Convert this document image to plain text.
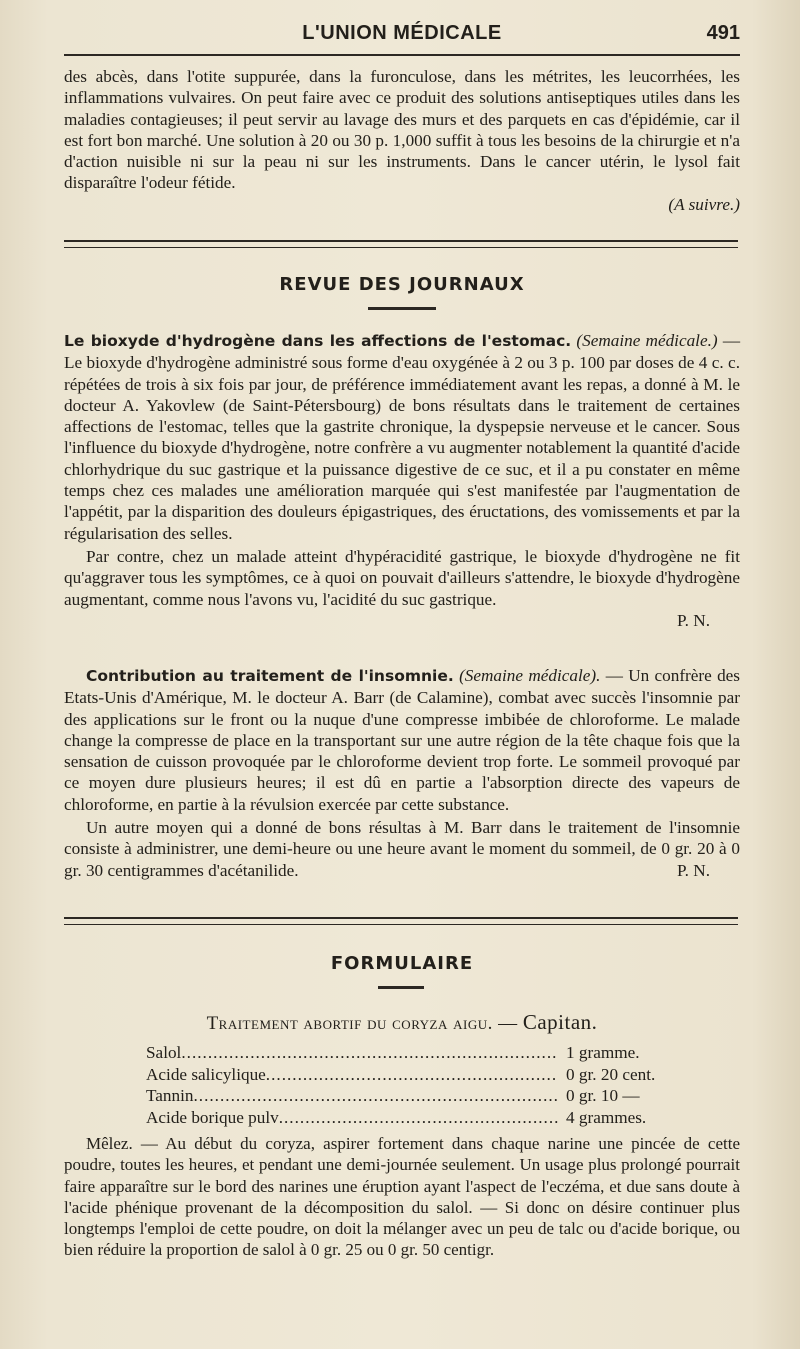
L'UNION MÉDICALE	491

des abcès, dans l'otite suppurée, dans la furonculose, dans les métrites, les leucorrhées, les inflammations vulvaires. On peut faire avec ce produit des solutions antiseptiques utiles dans les maladies contagieuses; il peut servir au lavage des murs et des parquets en cas d'épidémie, car il est fort bon marché. Une solution à 20 ou 30 p. 1,000 suffit à tous les besoins de la chirurgie et n'a d'action nuisible ni sur la peau ni sur les instruments. Dans le cancer utérin, le lysol fait disparaître l'odeur fétide.

(A suivre.)

REVUE DES JOURNAUX

Le bioxyde d'hydrogène dans les affections de l'estomac. (Semaine médicale.) — Le bioxyde d'hydrogène administré sous forme d'eau oxygénée à 2 ou 3 p. 100 par doses de 4 c. c. répétées de trois à six fois par jour, de préférence immédiatement avant les repas, a donné à M. le docteur A. Yakovlew (de Saint-Pétersbourg) de bons résultats dans le traitement de certaines affections de l'estomac, telles que la gastrite chronique, la dyspepsie nerveuse et le cancer. Sous l'influence du bioxyde d'hydrogène, notre confrère a vu augmenter notablement la quantité d'acide chlorhydrique du suc gastrique et la puissance digestive de ce suc, et il a pu constater en même temps chez ces malades une amélioration marquée qui s'est manifestée par l'augmentation de l'appétit, par la disparition des douleurs épigastriques, des éructations, des vomissements et par la régularisation des selles.

Par contre, chez un malade atteint d'hypéracidité gastrique, le bioxyde d'hydrogène ne fit qu'aggraver tous les symptômes, ce à quoi on pouvait d'ailleurs s'attendre, le bioxyde d'hydrogène augmentant, comme nous l'avons vu, l'acidité du suc gastrique.

P. N.

Contribution au traitement de l'insomnie. (Semaine médicale). — Un confrère des Etats-Unis d'Amérique, M. le docteur A. Barr (de Calamine), combat avec succès l'insomnie par des applications sur le front ou la nuque d'une compresse imbibée de chloroforme. Le malade change la compresse de place en la transportant sur une autre région de la tête chaque fois que la sensation de cuisson provoquée par le chloroforme devient trop forte. Le sommeil provoqué par ce moyen dure plusieurs heures; il est dû en partie a l'absorption directe des vapeurs de chloroforme, en partie à la révulsion exercée par cette substance.

Un autre moyen qui a donné de bons résultas à M. Barr dans le traitement de l'insomnie consiste à administrer, une demi-heure ou une heure avant le moment du sommeil, de 0 gr. 20 à 0 gr. 30 centigrammes d'acétanilide.	P. N.

FORMULAIRE
Traitement abortif du coryza aigu. — Capitan.
Salol .....	1 gramme.
Acide salicylique .....	0 gr. 20 cent.
Tannin .....	0 gr. 10 —
Acide borique pulv .....	4 grammes.

Mêlez. — Au début du coryza, aspirer fortement dans chaque narine une pincée de cette poudre, toutes les heures, et pendant une demi-journée seulement. Un usage plus prolongé pourrait faire apparaître sur le bord des narines une éruption ayant l'aspect de l'eczéma, et due sans doute à l'acide phénique provenant de la décomposition du salol. — Si donc on désire continuer plus longtemps l'emploi de cette poudre, on doit la mélanger avec un peu de talc ou d'acide borique, ou bien réduire la proportion de salol à 0 gr. 25 ou 0 gr. 50 centigr.
